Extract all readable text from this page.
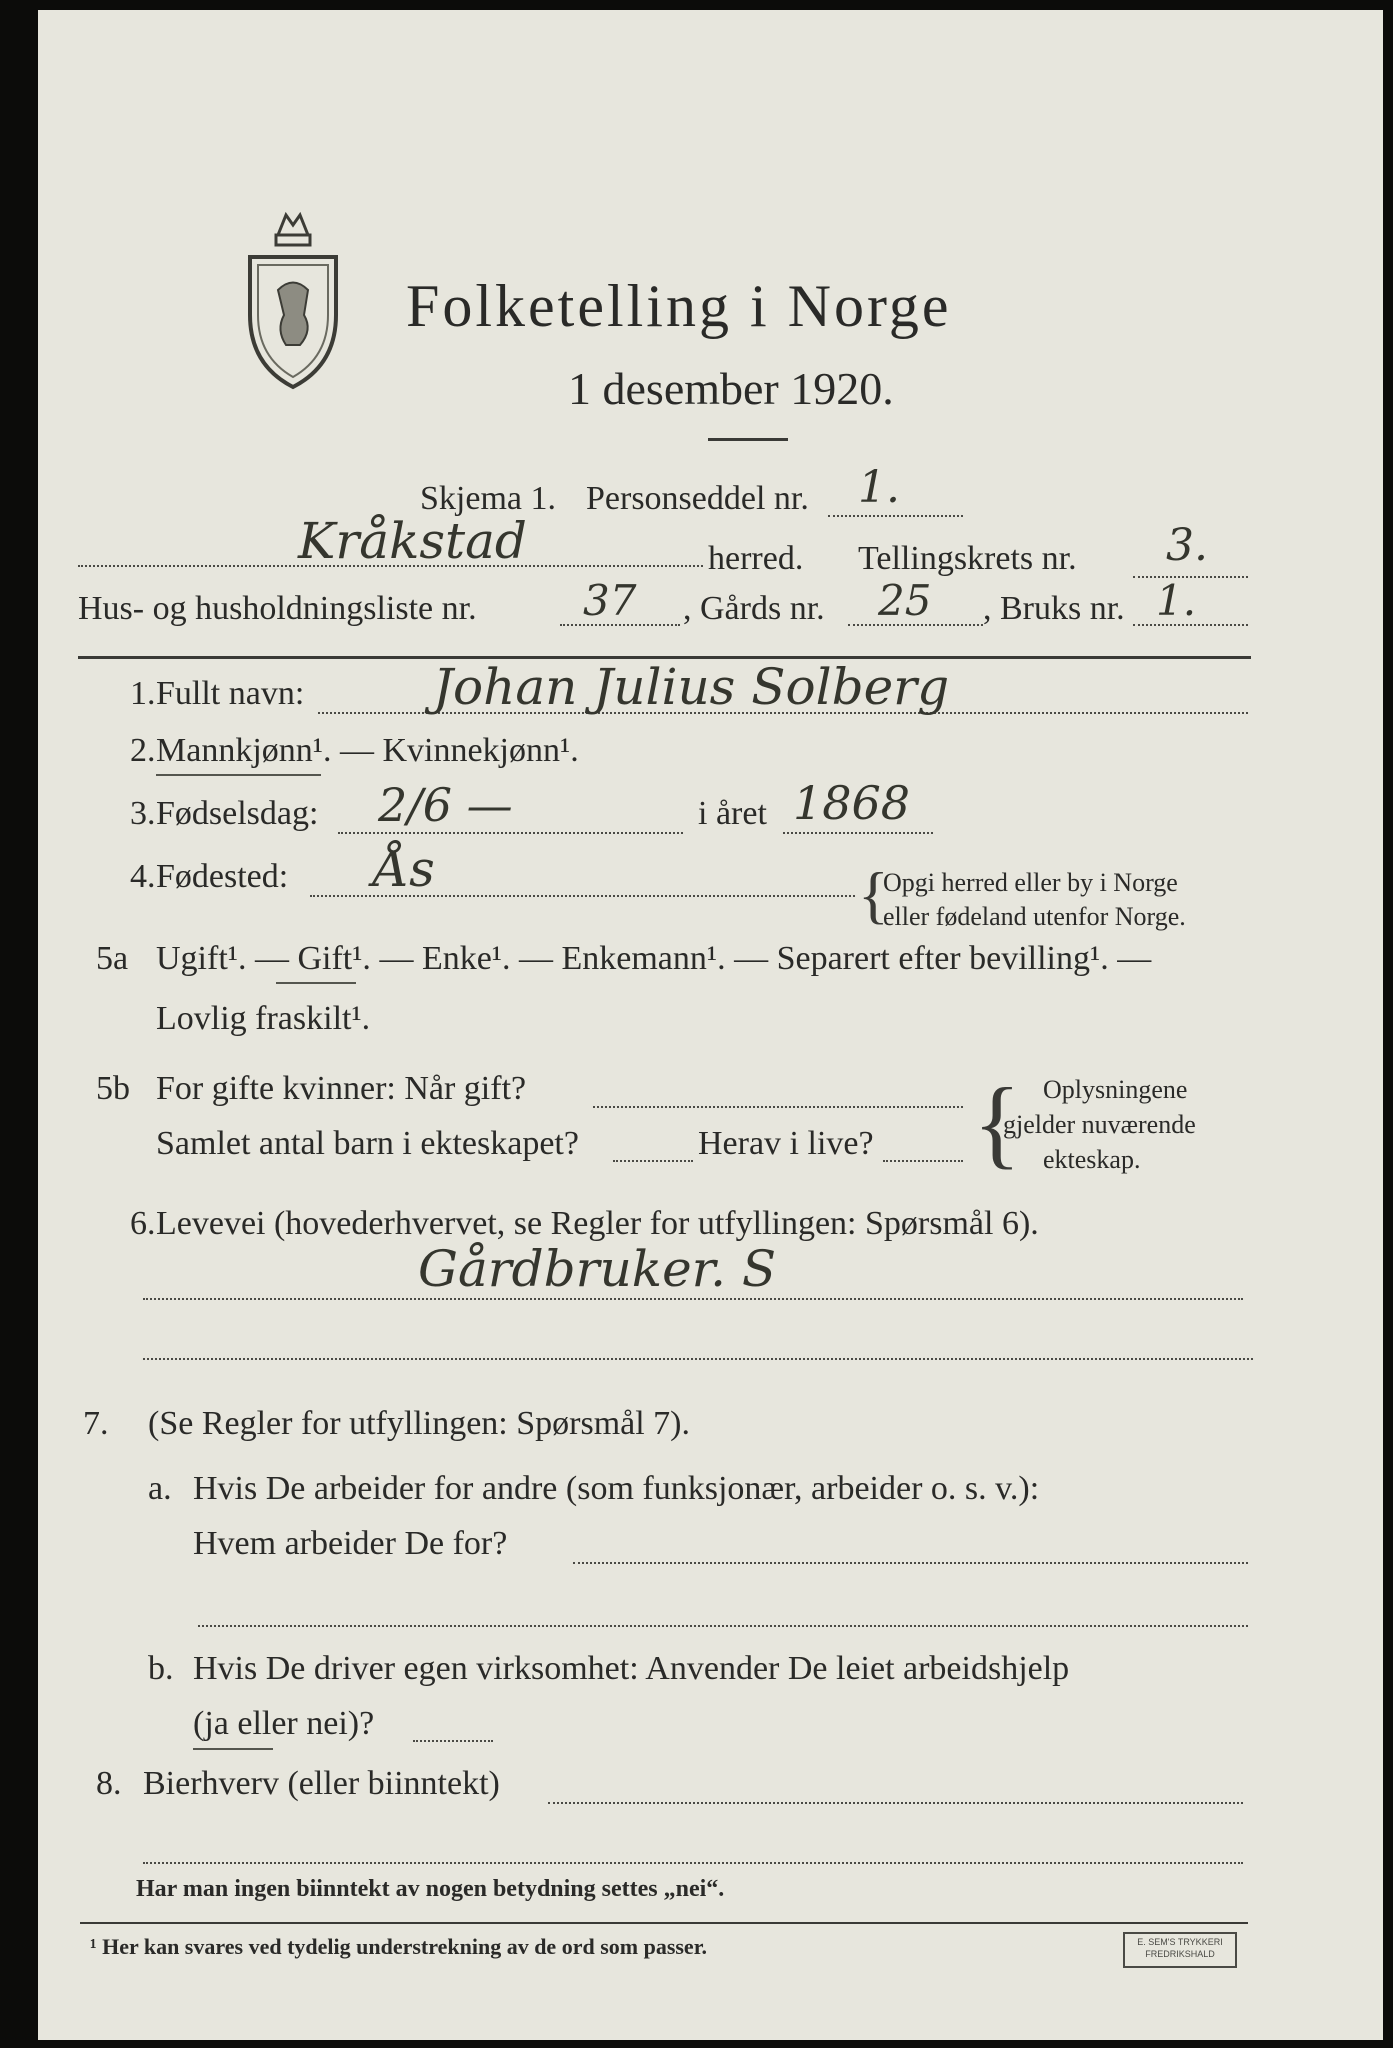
Folketelling i Norge
1 desember 1920.
Skjema 1. Personseddel nr. 1.
Kråkstad	herred. Tellingskrets nr. 3.
Hus- og husholdningsliste nr.	37 , Gårds nr. 25 , Bruks nr. 1.
1. Fullt navn:	Johan Julius Solberg
2. Mannkjønn¹. — Kvinnekjønn¹.
3. Fødselsdag: 2/6 —	i året 1868
4. Fødested: Ås	{
Opgi herred eller by i Norge
eller fødeland utenfor Norge.
5a Ugift¹. — Gift¹. — Enke¹. — Enkemann¹. — Separert efter bevilling¹. —
Lovlig fraskilt¹.
5b For gifte kvinner: Når gift?
Samlet antal barn i ekteskapet?	Herav i live? { Oplysningene
gjelder nuværende
ekteskap.
6. Levevei (hovederhvervet, se Regler for utfyllingen: Spørsmål 6).
Gårdbruker. S
7. (Se Regler for utfyllingen: Spørsmål 7).
a. Hvis De arbeider for andre (som funksjonær, arbeider o. s. v.):
Hvem arbeider De for?
b. Hvis De driver egen virksomhet: Anvender De leiet arbeidshjelp
(ja eller nei)?
8. Bierhverv (eller biinntekt)
Har man ingen biinntekt av nogen betydning settes „nei“.
¹ Her kan svares ved tydelig understrekning av de ord som passer.	E. SEM'S TRYKKERI FREDRIKSHALD
